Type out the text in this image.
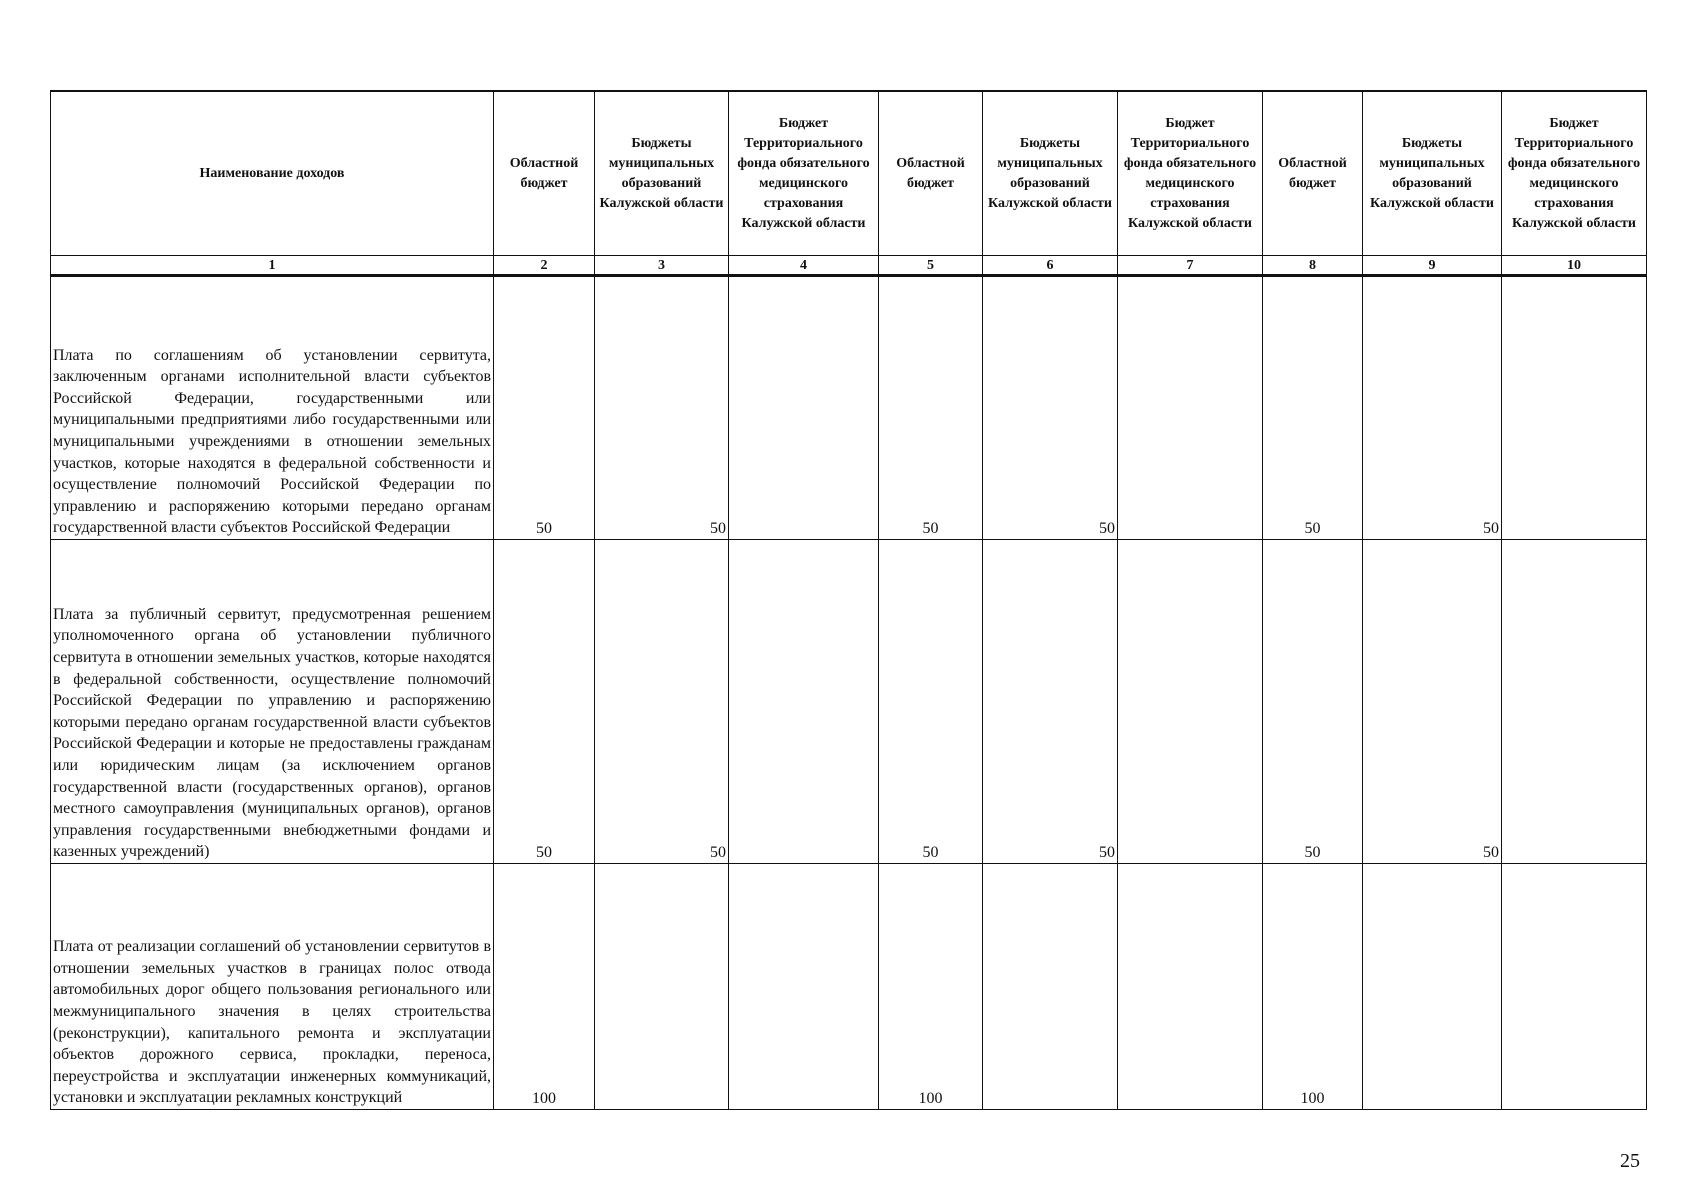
Наименование доходов	Областной бюджет	Бюджеты муниципальных образований Калужской области	Бюджет Территориального фонда обязательного медицинского страхования Калужской области	Областной бюджет	Бюджеты муниципальных образований Калужской области	Бюджет Территориального фонда обязательного медицинского страхования Калужской области	Областной бюджет	Бюджеты муниципальных образований Калужской области	Бюджет Территориального фонда обязательного медицинского страхования Калужской области
1	2	3	4	5	6	7	8	9	10
Плата по соглашениям об установлении сервитута, заключенным органами исполнительной власти субъектов Российской Федерации, государственными или муниципальными предприятиями либо государственными или муниципальными учреждениями в отношении земельных участков, которые находятся в федеральной собственности и осуществление полномочий Российской Федерации по управлению и распоряжению которыми передано органам государственной власти субъектов Российской Федерации	50	50		50	50		50	50	
Плата за публичный сервитут, предусмотренная решением уполномоченного органа об установлении публичного сервитута в отношении земельных участков, которые находятся в федеральной собственности, осуществление полномочий Российской Федерации по управлению и распоряжению которыми передано органам государственной власти субъектов Российской Федерации и которые не предоставлены гражданам или юридическим лицам (за исключением органов государственной власти (государственных органов), органов местного самоуправления (муниципальных органов), органов управления государственными внебюджетными фондами и казенных учреждений)	50	50		50	50		50	50	
Плата от реализации соглашений об установлении сервитутов в отношении земельных участков в границах полос отвода автомобильных дорог общего пользования регионального или межмуниципального значения в целях строительства (реконструкции), капитального ремонта и эксплуатации объектов дорожного сервиса, прокладки, переноса, переустройства и эксплуатации инженерных коммуникаций, установки и эксплуатации рекламных конструкций	100			100			100		
25
